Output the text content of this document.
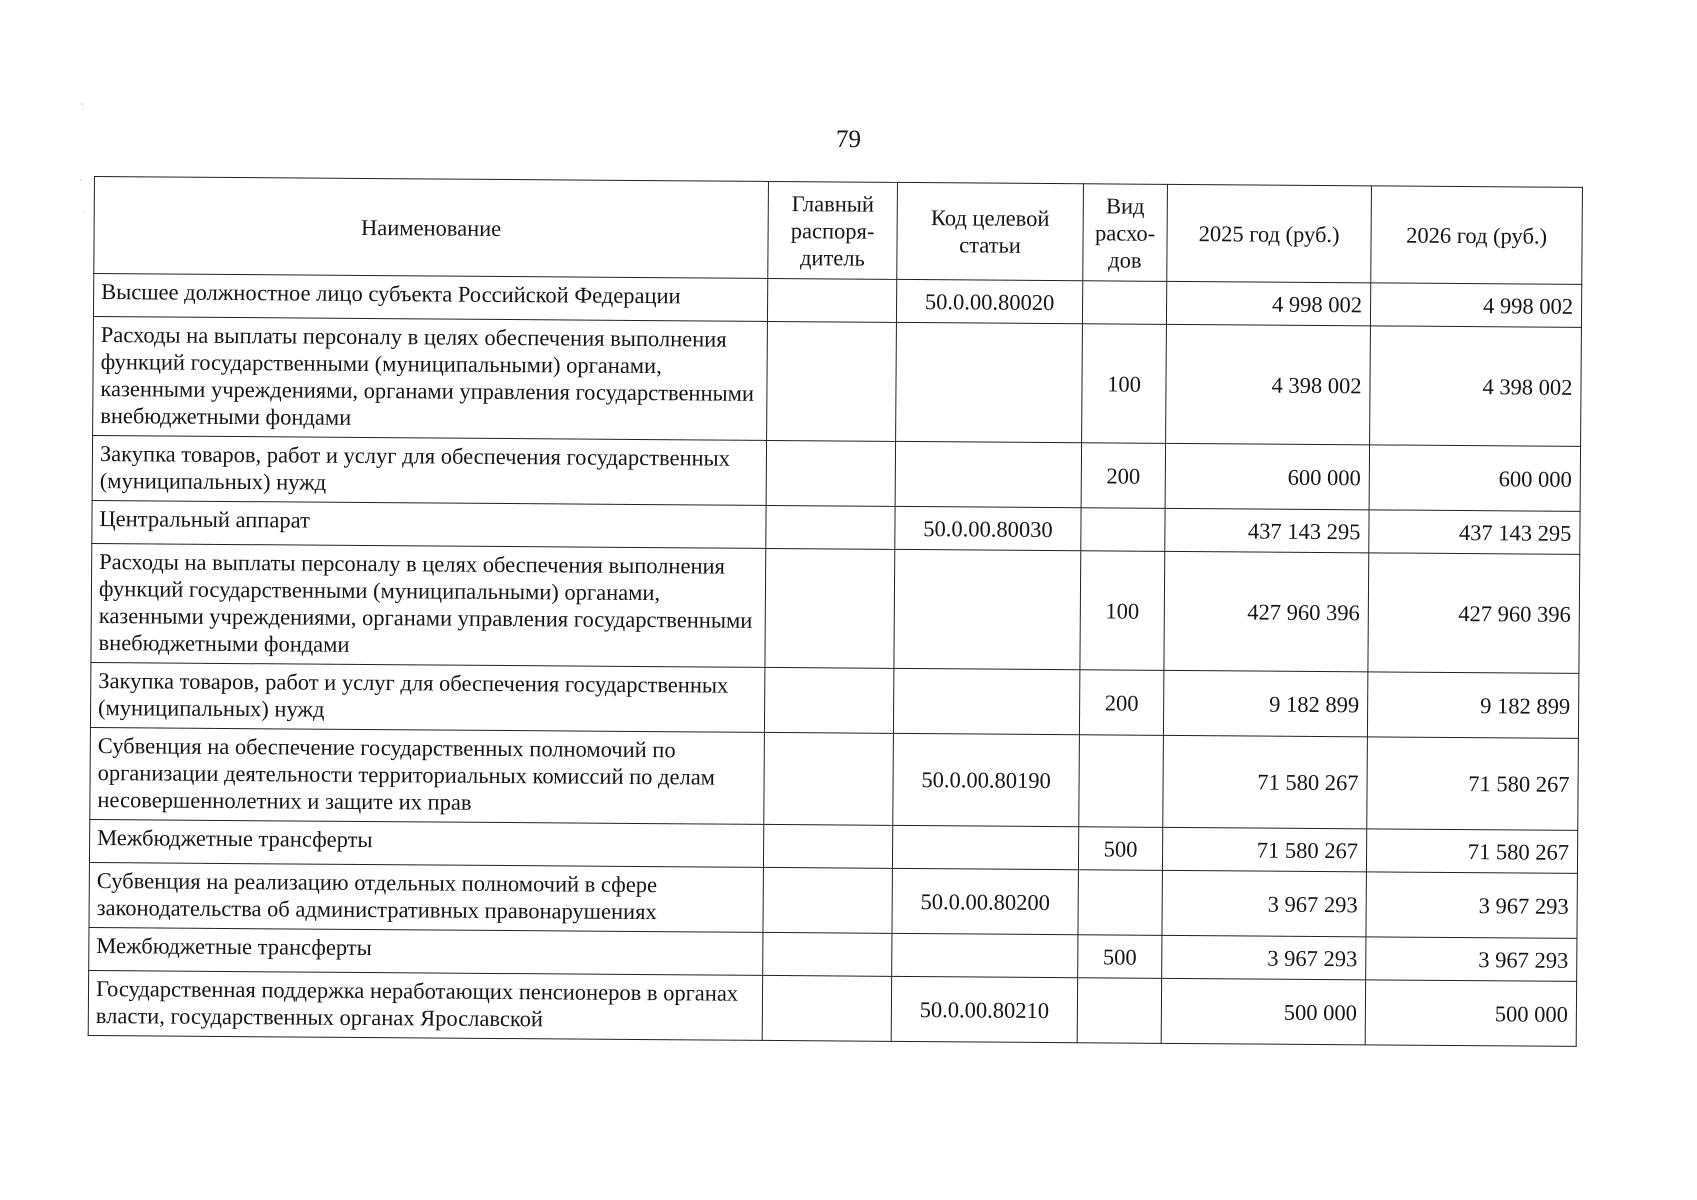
79
Наименование	Главный распоря-дитель	Код целевой статьи	Вид расхо-дов	2025 год (руб.)	2026 год (руб.)
Высшее должностное лицо субъекта Российской Федерации		50.0.00.80020		4 998 002	4 998 002
Расходы на выплаты персоналу в целях обеспечения выполнения функций государственными (муниципальными) органами, казенными учреждениями, органами управления государственными внебюджетными фондами			100	4 398 002	4 398 002
Закупка товаров, работ и услуг для обеспечения государственных (муниципальных) нужд			200	600 000	600 000
Центральный аппарат		50.0.00.80030		437 143 295	437 143 295
Расходы на выплаты персоналу в целях обеспечения выполнения функций государственными (муниципальными) органами, казенными учреждениями, органами управления государственными внебюджетными фондами			100	427 960 396	427 960 396
Закупка товаров, работ и услуг для обеспечения государственных (муниципальных) нужд			200	9 182 899	9 182 899
Субвенция на обеспечение государственных полномочий по организации деятельности территориальных комиссий по делам несовершеннолетних и защите их прав		50.0.00.80190		71 580 267	71 580 267
Межбюджетные трансферты			500	71 580 267	71 580 267
Субвенция на реализацию отдельных полномочий в сфере законодательства об административных правонарушениях		50.0.00.80200		3 967 293	3 967 293
Межбюджетные трансферты			500	3 967 293	3 967 293
Государственная поддержка неработающих пенсионеров в органах власти, государственных органах Ярославской		50.0.00.80210		500 000	500 000
